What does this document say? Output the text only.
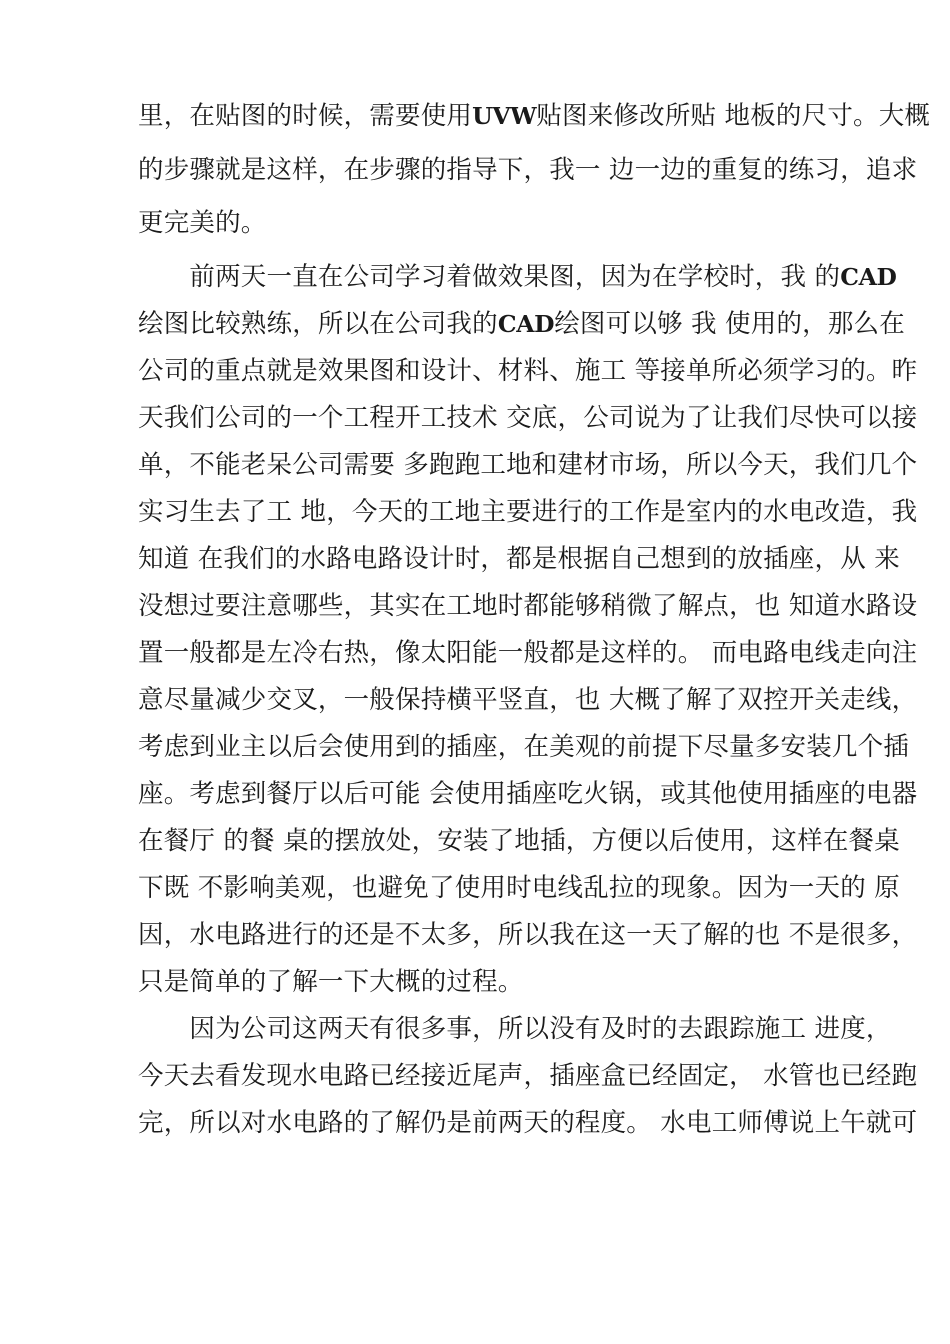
里，在贴图的时候，需要使用UVW贴图来修改所贴 地板的尺寸。大概
的步骤就是这样，在步骤的指导下，我一 边一边的重复的练习，追求
更完美的。
　　前两天一直在公司学习着做效果图，因为在学校时，我 的CAD
绘图比较熟练，所以在公司我的CAD绘图可以够 我 使用的，那么在
公司的重点就是效果图和设计、材料、施工 等接单所必须学习的。昨
天我们公司的一个工程开工技术 交底，公司说为了让我们尽快可以接
单，不能老呆公司需要 多跑跑工地和建材市场，所以今天，我们几个
实习生去了工 地，今天的工地主要进行的工作是室内的水电改造，我
知道 在我们的水路电路设计时，都是根据自己想到的放插座，从 来
没想过要注意哪些，其实在工地时都能够稍微了解点，也 知道水路设
置一般都是左冷右热，像太阳能一般都是这样的。 而电路电线走向注
意尽量减少交叉，一般保持横平竖直，也 大概了解了双控开关走线，
考虑到业主以后会使用到的插座，在美观的前提下尽量多安装几个插
座。考虑到餐厅以后可能 会使用插座吃火锅，或其他使用插座的电器
在餐厅 的餐 桌的摆放处，安装了地插，方便以后使用，这样在餐桌
下既 不影响美观，也避免了使用时电线乱拉的现象。因为一天的 原
因，水电路进行的还是不太多，所以我在这一天了解的也 不是很多，
只是简单的了解一下大概的过程。
　　因为公司这两天有很多事，所以没有及时的去跟踪施工 进度，
今天去看发现水电路已经接近尾声，插座盒已经固定， 水管也已经跑
完，所以对水电路的了解仍是前两天的程度。 水电工师傅说上午就可
